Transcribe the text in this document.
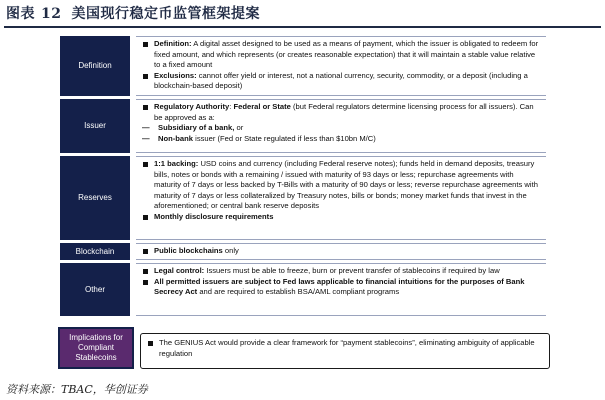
图表 12 美国现行稳定币监管框架提案
Definition
Definition: A digital asset designed to be used as a means of payment, which the issuer is obligated to redeem for fixed amount, and which represents (or creates reasonable expectation) that it will maintain a stable value relative to a fixed amount
Exclusions: cannot offer yield or interest, not a national currency, security, commodity, or a deposit (including a blockchain-based deposit)
Issuer
Regulatory Authority: Federal or State (but Federal regulators determine licensing process for all issuers). Can be approved as a:
— Subsidiary of a bank, or
— Non-bank issuer (Fed or State regulated if less than $10bn M/C)
Reserves
1:1 backing: USD coins and currency (including Federal reserve notes); funds held in demand deposits, treasury bills, notes or bonds with a remaining / issued with maturity of 93 days or less; repurchase agreements with maturity of 7 days or less backed by T-Bills with a maturity of 90 days or less; reverse repurchase agreements with maturity of 7 days or less collateralized by Treasury notes, bills or bonds; money market funds that invest in the aforementioned; or central bank reserve deposits
Monthly disclosure requirements
Blockchain	Public blockchains only
Other
Legal control: Issuers must be able to freeze, burn or prevent transfer of stablecoins if required by law
All permitted issuers are subject to Fed laws applicable to financial intuitions for the purposes of Bank Secrecy Act and are required to establish BSA/AML compliant programs
Implications for Compliant Stablecoins
The GENIUS Act would provide a clear framework for “payment stablecoins”, eliminating ambiguity of applicable regulation
资料来源：TBAC，华创证券
